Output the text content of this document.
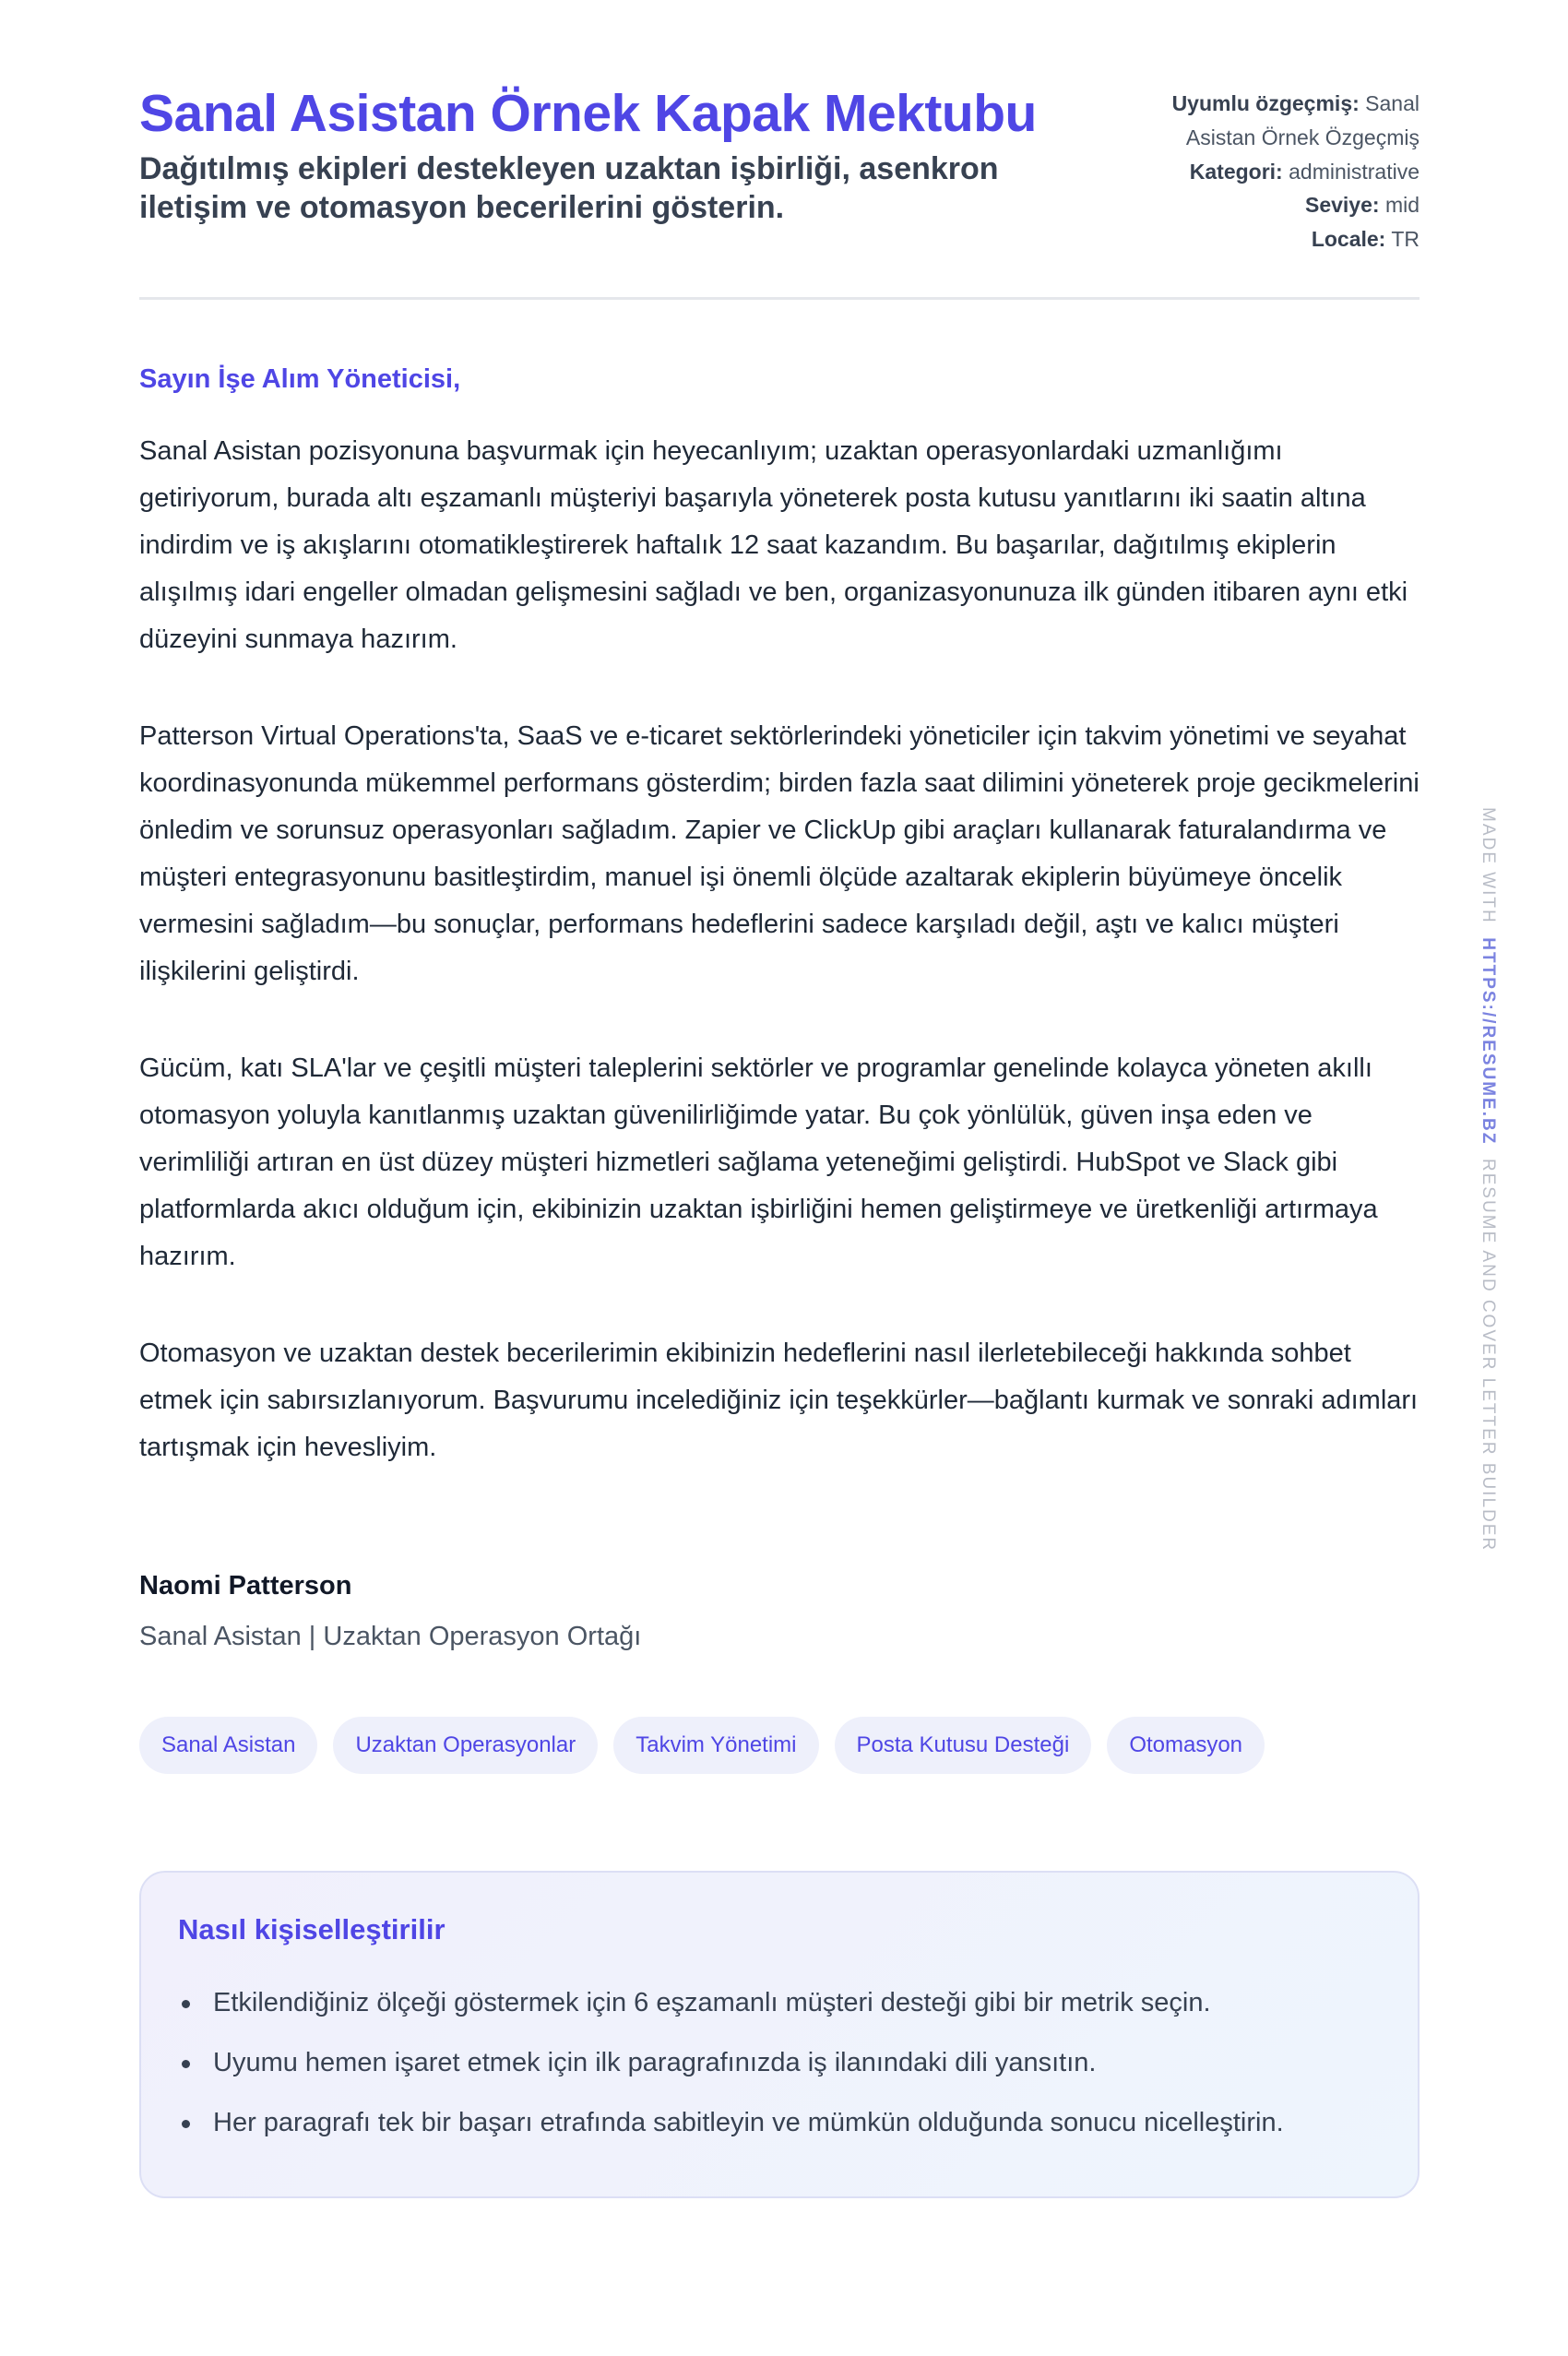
Sanal Asistan Örnek Kapak Mektubu

Dağıtılmış ekipleri destekleyen uzaktan işbirliği, asenkron iletişim ve otomasyon becerilerini gösterin.

Uyumlu özgeçmiş: Sanal Asistan Örnek Özgeçmiş
Kategori: administrative
Seviye: mid
Locale: TR

Sayın İşe Alım Yöneticisi,

Sanal Asistan pozisyonuna başvurmak için heyecanlıyım; uzaktan operasyonlardaki uzmanlığımı getiriyorum, burada altı eşzamanlı müşteriyi başarıyla yöneterek posta kutusu yanıtlarını iki saatin altına indirdim ve iş akışlarını otomatikleştirerek haftalık 12 saat kazandım. Bu başarılar, dağıtılmış ekiplerin alışılmış idari engeller olmadan gelişmesini sağladı ve ben, organizasyonunuza ilk günden itibaren aynı etki düzeyini sunmaya hazırım.

Patterson Virtual Operations'ta, SaaS ve e-ticaret sektörlerindeki yöneticiler için takvim yönetimi ve seyahat koordinasyonunda mükemmel performans gösterdim; birden fazla saat dilimini yöneterek proje gecikmelerini önledim ve sorunsuz operasyonları sağladım. Zapier ve ClickUp gibi araçları kullanarak faturalandırma ve müşteri entegrasyonunu basitleştirdim, manuel işi önemli ölçüde azaltarak ekiplerin büyümeye öncelik vermesini sağladım—bu sonuçlar, performans hedeflerini sadece karşıladı değil, aştı ve kalıcı müşteri ilişkilerini geliştirdi.

Gücüm, katı SLA'lar ve çeşitli müşteri taleplerini sektörler ve programlar genelinde kolayca yöneten akıllı otomasyon yoluyla kanıtlanmış uzaktan güvenilirliğimde yatar. Bu çok yönlülük, güven inşa eden ve verimliliği artıran en üst düzey müşteri hizmetleri sağlama yeteneğimi geliştirdi. HubSpot ve Slack gibi platformlarda akıcı olduğum için, ekibinizin uzaktan işbirliğini hemen geliştirmeye ve üretkenliği artırmaya hazırım.

Otomasyon ve uzaktan destek becerilerimin ekibinizin hedeflerini nasıl ilerletebileceği hakkında sohbet etmek için sabırsızlanıyorum. Başvurumu incelediğiniz için teşekkürler—bağlantı kurmak ve sonraki adımları tartışmak için hevesliyim.

Naomi Patterson

Sanal Asistan | Uzaktan Operasyon Ortağı

Sanal Asistan	Uzaktan Operasyonlar	Takvim Yönetimi	Posta Kutusu Desteği	Otomasyon
Nasıl kişiselleştirilir
Etkilendiğiniz ölçeği göstermek için 6 eşzamanlı müşteri desteği gibi bir metrik seçin.
Uyumu hemen işaret etmek için ilk paragrafınızda iş ilanındaki dili yansıtın.
Her paragrafı tek bir başarı etrafında sabitleyin ve mümkün olduğunda sonucu nicelleştirin.
MADE WITH  HTTPS://RESUME.BZ  RESUME AND COVER LETTER BUILDER
